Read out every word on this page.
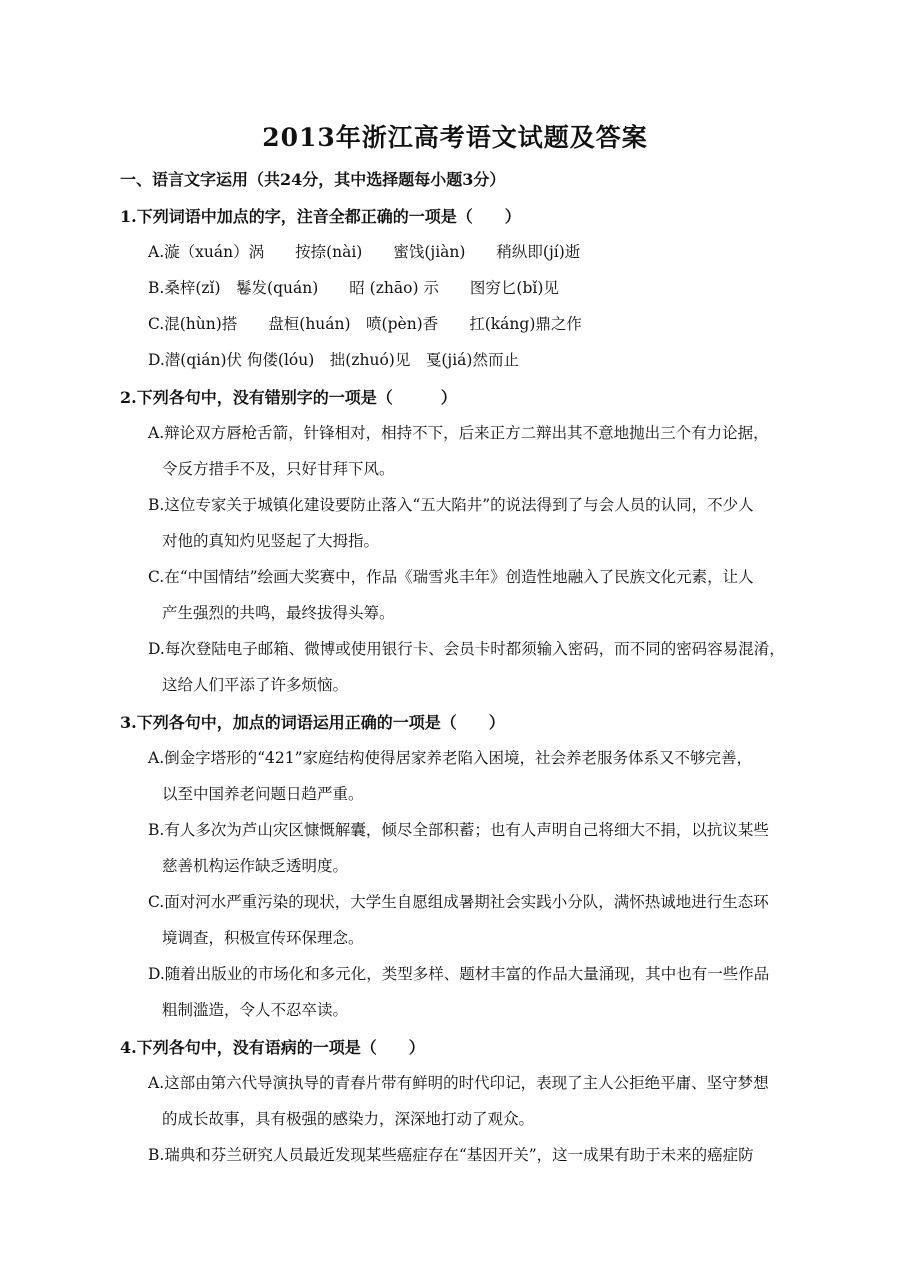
2013年浙江高考语文试题及答案
一、语言文字运用（共24分，其中选择题每小题3分）
1.下列词语中加点的字，注音全都正确的一项是（　　）
A.漩（xuán）涡　　按捺(nài)　　蜜饯(jiàn)　　稍纵即(jí)逝
B.桑梓(zǐ)　鬈发(quán)　　昭 (zhāo) 示　　图穷匕(bǐ)见
C.混(hùn)搭　　盘桓(huán)　喷(pèn)香　　扛(káng)鼎之作
D.潜(qián)伏 佝偻(lóu)　拙(zhuó)见　戛(jiá)然而止
2.下列各句中，没有错别字的一项是（　　　）
A.辩论双方唇枪舌箭，针锋相对，相持不下，后来正方二辩出其不意地抛出三个有力论据，
令反方措手不及，只好甘拜下风。
B.这位专家关于城镇化建设要防止落入“五大陷井”的说法得到了与会人员的认同，不少人
对他的真知灼见竖起了大拇指。
C.在“中国情结”绘画大奖赛中，作品《瑞雪兆丰年》创造性地融入了民族文化元素，让人
产生强烈的共鸣，最终拔得头筹。
D.每次登陆电子邮箱、微博或使用银行卡、会员卡时都须输入密码，而不同的密码容易混淆，
这给人们平添了许多烦恼。
3.下列各句中，加点的词语运用正确的一项是（　　）
A.倒金字塔形的“421”家庭结构使得居家养老陷入困境，社会养老服务体系又不够完善，
以至中国养老问题日趋严重。
B.有人多次为芦山灾区慷慨解囊，倾尽全部积蓄；也有人声明自己将细大不捐，以抗议某些
慈善机构运作缺乏透明度。
C.面对河水严重污染的现状，大学生自愿组成暑期社会实践小分队，满怀热诚地进行生态环
境调查，积极宣传环保理念。
D.随着出版业的市场化和多元化，类型多样、题材丰富的作品大量涌现，其中也有一些作品
粗制滥造，令人不忍卒读。
4.下列各句中，没有语病的一项是（　　）
A.这部由第六代导演执导的青春片带有鲜明的时代印记，表现了主人公拒绝平庸、坚守梦想
的成长故事，具有极强的感染力，深深地打动了观众。
B.瑞典和芬兰研究人员最近发现某些癌症存在“基因开关”，这一成果有助于未来的癌症防
